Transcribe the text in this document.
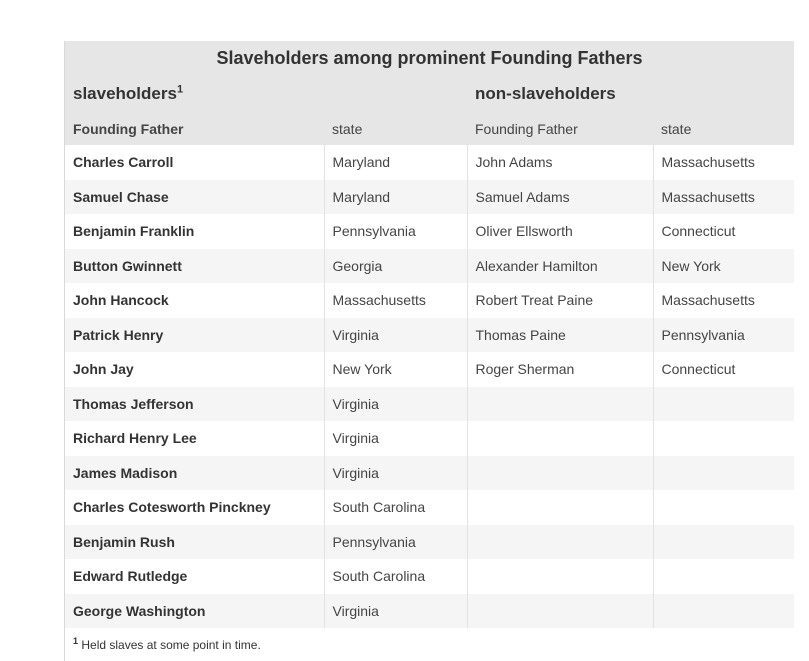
Slaveholders among prominent Founding Fathers			
slaveholders$^1$		non-slaveholders	
Founding Father	state	Founding Father	state
Charles Carroll	Maryland	John Adams	Massachusetts
Samuel Chase	Maryland	Samuel Adams	Massachusetts
Benjamin Franklin	Pennsylvania	Oliver Ellsworth	Connecticut
Button Gwinnett	Georgia	Alexander Hamilton	New York
John Hancock	Massachusetts	Robert Treat Paine	Massachusetts
Patrick Henry	Virginia	Thomas Paine	Pennsylvania
John Jay	New York	Roger Sherman	Connecticut
Thomas Jefferson	Virginia		
Richard Henry Lee	Virginia		
James Madison	Virginia		
Charles Cotesworth Pinckney	South Carolina		
Benjamin Rush	Pennsylvania		
Edward Rutledge	South Carolina		
George Washington	Virginia		
$^1$ Held slaves at some point in time.
